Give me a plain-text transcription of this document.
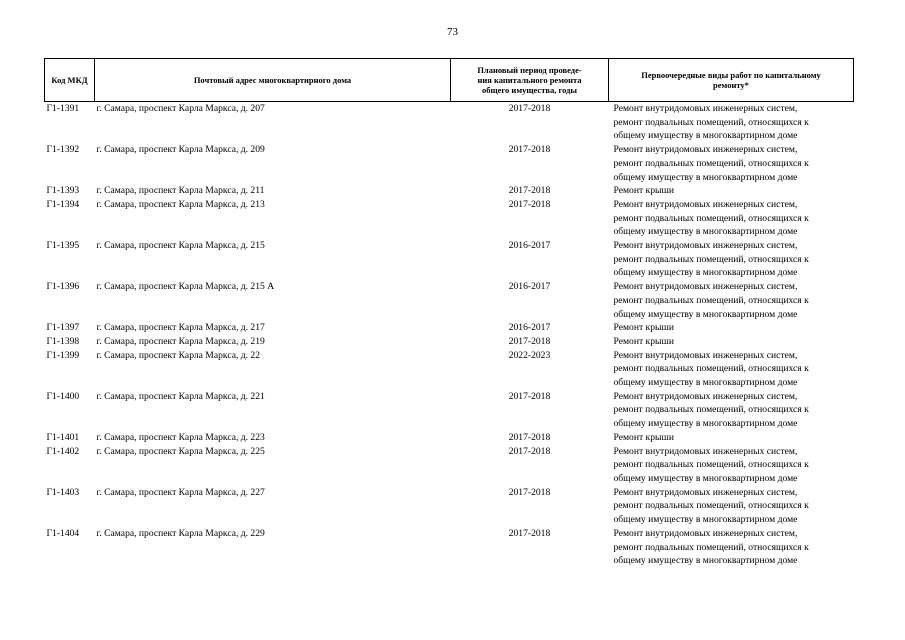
73
Код МКД	Почтовый адрес многоквартирного дома	Плановый период проведе-
ния капитального ремонта
общего имущества, годы	Первоочередные виды работ по капитальному
ремонту*

Г1-1391	г. Самара, проспект Карла Маркса, д. 207	2017-2018	Ремонт внутридомовых инженерных систем,
ремонт подвальных помещений, относящихся к
общему имуществу в многоквартирном доме

Г1-1392	г. Самара, проспект Карла Маркса, д. 209	2017-2018	Ремонт внутридомовых инженерных систем,
ремонт подвальных помещений, относящихся к
общему имуществу в многоквартирном доме

Г1-1393	г. Самара, проспект Карла Маркса, д. 211	2017-2018	Ремонт крыши

Г1-1394	г. Самара, проспект Карла Маркса, д. 213	2017-2018	Ремонт внутридомовых инженерных систем,
ремонт подвальных помещений, относящихся к
общему имуществу в многоквартирном доме

Г1-1395	г. Самара, проспект Карла Маркса, д. 215	2016-2017	Ремонт внутридомовых инженерных систем,
ремонт подвальных помещений, относящихся к
общему имуществу в многоквартирном доме

Г1-1396	г. Самара, проспект Карла Маркса, д. 215 А	2016-2017	Ремонт внутридомовых инженерных систем,
ремонт подвальных помещений, относящихся к
общему имуществу в многоквартирном доме

Г1-1397	г. Самара, проспект Карла Маркса, д. 217	2016-2017	Ремонт крыши

Г1-1398	г. Самара, проспект Карла Маркса, д. 219	2017-2018	Ремонт крыши

Г1-1399	г. Самара, проспект Карла Маркса, д. 22	2022-2023	Ремонт внутридомовых инженерных систем,
ремонт подвальных помещений, относящихся к
общему имуществу в многоквартирном доме

Г1-1400	г. Самара, проспект Карла Маркса, д. 221	2017-2018	Ремонт внутридомовых инженерных систем,
ремонт подвальных помещений, относящихся к
общему имуществу в многоквартирном доме

Г1-1401	г. Самара, проспект Карла Маркса, д. 223	2017-2018	Ремонт крыши

Г1-1402	г. Самара, проспект Карла Маркса, д. 225	2017-2018	Ремонт внутридомовых инженерных систем,
ремонт подвальных помещений, относящихся к
общему имуществу в многоквартирном доме

Г1-1403	г. Самара, проспект Карла Маркса, д. 227	2017-2018	Ремонт внутридомовых инженерных систем,
ремонт подвальных помещений, относящихся к
общему имуществу в многоквартирном доме

Г1-1404	г. Самара, проспект Карла Маркса, д. 229	2017-2018	Ремонт внутридомовых инженерных систем,
ремонт подвальных помещений, относящихся к
общему имуществу в многоквартирном доме
